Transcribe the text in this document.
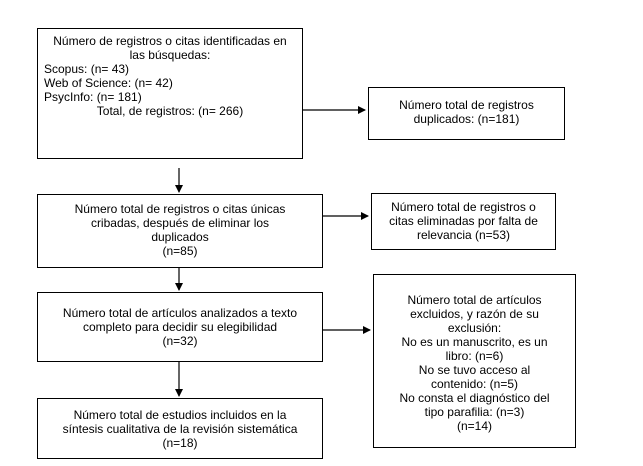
Número de registros o citas identificadas en
las búsquedas:
Scopus: (n= 43)
Web of Science: (n= 42)
PsycInfo: (n= 181)
Total, de registros: (n= 266)	Número total de registros
duplicados: (n=181)
Número total de registros o citas únicas
cribadas, después de eliminar los
duplicados
(n=85)
Número total de registros o
citas eliminadas por falta de
relevancia (n=53)
Número total de artículos analizados a texto
completo para decidir su elegibilidad
(n=32)
Número total de artículos
excluidos, y razón de su
exclusión:
No es un manuscrito, es un
libro: (n=6)
No se tuvo acceso al
contenido: (n=5)
No consta el diagnóstico del
tipo parafilia: (n=3)
(n=14)
Número total de estudios incluidos en la
síntesis cualitativa de la revisión sistemática
(n=18)
